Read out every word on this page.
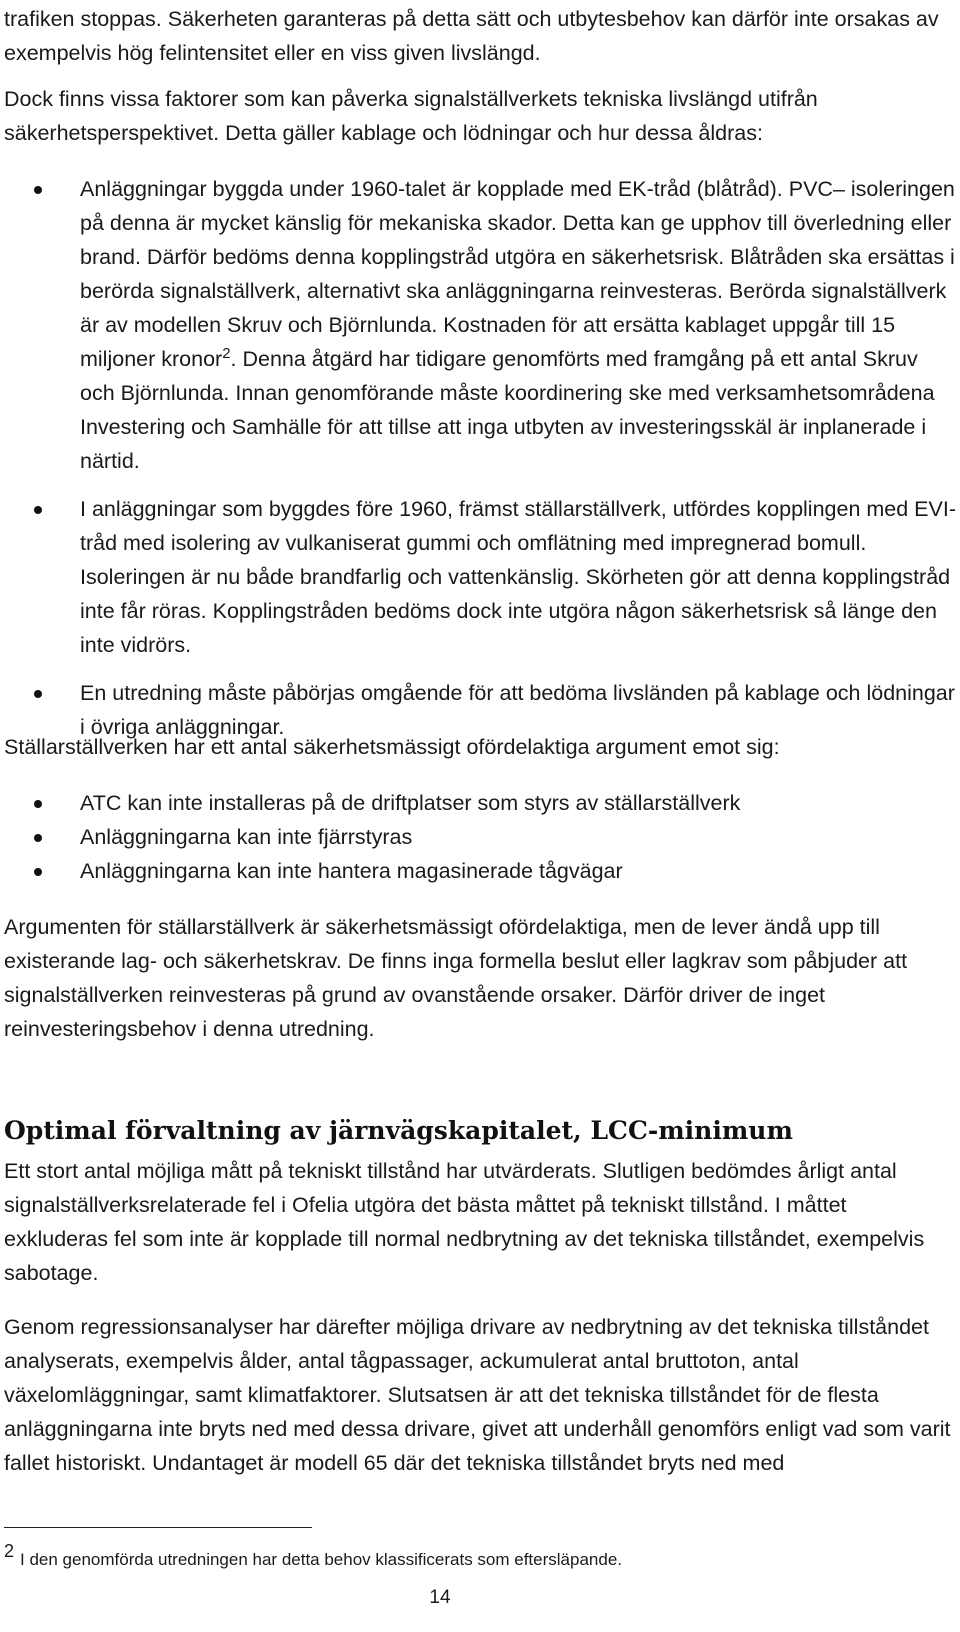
trafiken stoppas. Säkerheten garanteras på detta sätt och utbytesbehov kan därför inte orsakas av exempelvis hög felintensitet eller en viss given livslängd.

Dock finns vissa faktorer som kan påverka signalställverkets tekniska livslängd utifrån säkerhetsperspektivet. Detta gäller kablage och lödningar och hur dessa åldras:

Anläggningar byggda under 1960-talet är kopplade med EK-tråd (blåtråd). PVC– isoleringen på denna är mycket känslig för mekaniska skador. Detta kan ge upphov till överledning eller brand. Därför bedöms denna kopplingstråd utgöra en säkerhetsrisk. Blåtråden ska ersättas i berörda signalställverk, alternativt ska anläggningarna reinvesteras. Berörda signalställverk är av modellen Skruv och Björnlunda. Kostnaden för att ersätta kablaget uppgår till 15 miljoner kronor$^2$. Denna åtgärd har tidigare genomförts med framgång på ett antal Skruv och Björnlunda. Innan genomförande måste koordinering ske med verksamhetsområdena Investering och Samhälle för att tillse att inga utbyten av investeringsskäl är inplanerade i närtid.
I anläggningar som byggdes före 1960, främst ställarställverk, utfördes kopplingen med EVI-tråd med isolering av vulkaniserat gummi och omflätning med impregnerad bomull. Isoleringen är nu både brandfarlig och vattenkänslig. Skörheten gör att denna kopplingstråd inte får röras. Kopplingstråden bedöms dock inte utgöra någon säkerhetsrisk så länge den inte vidrörs.
En utredning måste påbörjas omgående för att bedöma livsländen på kablage och lödningar i övriga anläggningar.

Ställarställverken har ett antal säkerhetsmässigt ofördelaktiga argument emot sig:

ATC kan inte installeras på de driftplatser som styrs av ställarställverk
Anläggningarna kan inte fjärrstyras
Anläggningarna kan inte hantera magasinerade tågvägar

Argumenten för ställarställverk är säkerhetsmässigt ofördelaktiga, men de lever ändå upp till existerande lag- och säkerhetskrav. De finns inga formella beslut eller lagkrav som påbjuder att signalställverken reinvesteras på grund av ovanstående orsaker. Därför driver de inget reinvesteringsbehov i denna utredning.

Optimal förvaltning av järnvägskapitalet, LCC-minimum

Ett stort antal möjliga mått på tekniskt tillstånd har utvärderats. Slutligen bedömdes årligt antal signalställverksrelaterade fel i Ofelia utgöra det bästa måttet på tekniskt tillstånd. I måttet exkluderas fel som inte är kopplade till normal nedbrytning av det tekniska tillståndet, exempelvis sabotage.

Genom regressionsanalyser har därefter möjliga drivare av nedbrytning av det tekniska tillståndet analyserats, exempelvis ålder, antal tågpassager, ackumulerat antal bruttoton, antal växelomläggningar, samt klimatfaktorer. Slutsatsen är att det tekniska tillståndet för de flesta anläggningarna inte bryts ned med dessa drivare, givet att underhåll genomförs enligt vad som varit fallet historiskt. Undantaget är modell 65 där det tekniska tillståndet bryts ned med

2 I den genomförda utredningen har detta behov klassificerats som eftersläpande.

14
